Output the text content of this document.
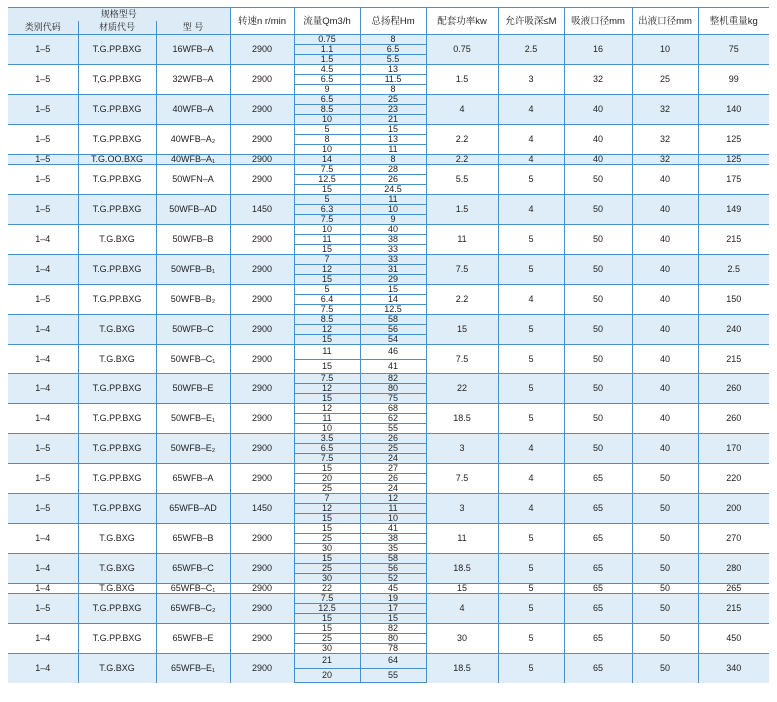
规格型号			转速n r/min	流量Qm3/h	总扬程Hm	配套功率kw	允许吸深≤M	吸液口径mm	出液口径mm	整机重量kg
类别代码	材质代号	型 号								
1–5	T.G.PP.BXG	16WFB–A	2900	0.75	8	0.75	2.5	16	10	75
				1.1	6.5					
				1.5	5.5					
1–5	T,G.PP.BXG	32WFB–A	2900	4.5	13	1.5	3	32	25	99
				6.5	11.5					
				9	8					
1–5	T.G.PP.BXG	40WFB–A	2900	6.5	25	4	4	40	32	140
				8.5	23					
				10	21					
1–5	T.G.PP.BXG	40WFB–A₂	2900	5	15	2.2	4	40	32	125
				8	13					
				10	11					
1–5	T.G.OO.BXG	40WFB–A₁	2900	14	8	2.2	4	40	32	125
1–5	T.G.PP.BXG	50WFN–A	2900	7.5	28	5.5	5	50	40	175
				12.5	26					
				15	24.5					
1–5	T.G.PP.BXG	50WFB–AD	1450	5	11	1.5	4	50	40	149
				6.3	10					
				7.5	9					
1–4	T.G.BXG	50WFB–B	2900	10	40	11	5	50	40	215
				11	38					
				15	33					
1–4	T.G.PP.BXG	50WFB–B₁	2900	7	33	7.5	5	50	40	2.5
				12	31					
				15	29					
1–5	T.G.PP.BXG	50WFB–B₂	2900	5	15	2.2	4	50	40	150
				6.4	14					
				7.5	12.5					
1–4	T.G.BXG	50WFB–C	2900	8.5	58	15	5	50	40	240
				12	56					
				15	54					
1–4	T.G.BXG	50WFB–C₁	2900	11	46	7.5	5	50	40	215
				15	41					
1–4	T.G.PP.BXG	50WFB–E	2900	7.5	82	22	5	50	40	260
				12	80					
				15	75					
1–4	T.G.PP.BXG	50WFB–E₁	2900	12	68	18.5	5	50	40	260
				11	62					
				10	55					
1–5	T.G.PP.BXG	50WFB–E₂	2900	3.5	26	3	4	50	40	170
				6.5	25					
				7.5	24					
1–5	T.G.PP.BXG	65WFB–A	2900	15	27	7.5	4	65	50	220
				20	26					
				25	24					
1–5	T.G.PP.BXG	65WFB–AD	1450	7	12	3	4	65	50	200
				12	11					
				15	10					
1–4	T.G.BXG	65WFB–B	2900	15	41	11	5	65	50	270
				25	38					
				30	35					
1–4	T.G.BXG	65WFB–C	2900	15	58	18.5	5	65	50	280
				25	56					
				30	52					
1–4	T.G.BXG	65WFB–C₁	2900	22	45	15	5	65	50	265
1–5	T.G.PP.BXG	65WFB–C₂	2900	7.5	19	4	5	65	50	215
				12.5	17					
				15	15					
1–4	T.G.PP.BXG	65WFB–E	2900	15	82	30	5	65	50	450
				25	80					
				30	78					
1–4	T.G.BXG	65WFB–E₁	2900	21	64	18.5	5	65	50	340
				20	55					
